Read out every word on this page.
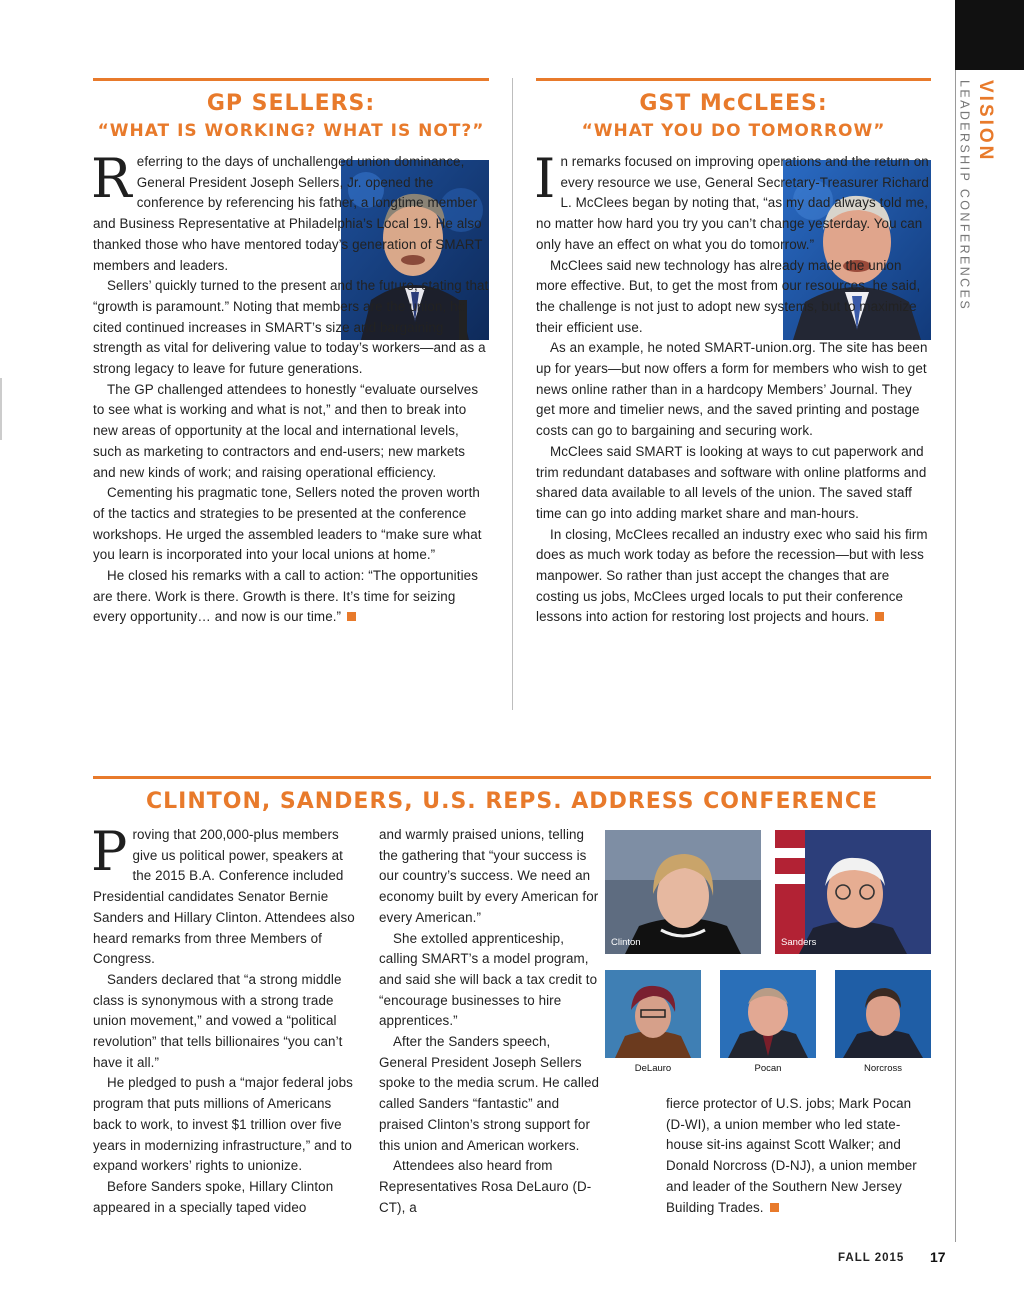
VISION
LEADERSHIP CONFERENCES
GP SELLERS:
“WHAT IS WORKING? WHAT IS NOT?”

Referring to the days of unchallenged union dominance, General President Joseph Sellers, Jr. opened the conference by referencing his father, a longtime member and Business Representative at Philadelphia’s Local 19. He also thanked those who have mentored today’s generation of SMART members and leaders.

Sellers’ quickly turned to the present and the future, stating that “growth is paramount.” Noting that members are the union, he cited continued increases in SMART’s size and bargaining strength as vital for delivering value to today’s workers—and as a strong legacy to leave for future generations.

The GP challenged attendees to honestly “evaluate ourselves to see what is working and what is not,” and then to break into new areas of opportunity at the local and international levels, such as marketing to contractors and end-users; new markets and new kinds of work; and raising operational efficiency.

Cementing his pragmatic tone, Sellers noted the proven worth of the tactics and strategies to be presented at the conference workshops. He urged the assembled leaders to “make sure what you learn is incorporated into your local unions at home.”

He closed his remarks with a call to action: “The opportunities are there. Work is there. Growth is there. It’s time for seizing every opportunity… and now is our time.”

GST McCLEES:
“WHAT YOU DO TOMORROW”

In remarks focused on improving operations and the return on every resource we use, General Secretary-Treasurer Richard L. McClees began by noting that, “as my dad always told me, no matter how hard you try you can’t change yesterday. You can only have an effect on what you do tomorrow.”

McClees said new technology has already made the union more effective. But, to get the most from our resources, he said, the challenge is not just to adopt new systems, but to maximize their efficient use.

As an example, he noted SMART-union.org. The site has been up for years—but now offers a form for members who wish to get news online rather than in a hardcopy Members’ Journal. They get more and timelier news, and the saved printing and postage costs can go to bargaining and securing work.

McClees said SMART is looking at ways to cut paperwork and trim redundant databases and software with online platforms and shared data available to all levels of the union. The saved staff time can go into adding market share and man-hours.

In closing, McClees recalled an industry exec who said his firm does as much work today as before the recession—but with less manpower. So rather than just accept the changes that are costing us jobs, McClees urged locals to put their conference lessons into action for restoring lost projects and hours.

CLINTON, SANDERS, U.S. REPS. ADDRESS CONFERENCE

Proving that 200,000-plus members give us political power, speakers at the 2015 B.A. Conference included Presidential candidates Senator Bernie Sanders and Hillary Clinton. Attendees also heard remarks from three Members of Congress.

Sanders declared that “a strong middle class is synonymous with a strong trade union movement,” and vowed a “political revolution” that tells billionaires “you can’t have it all.”

He pledged to push a “major federal jobs program that puts millions of Americans back to work, to invest $1 trillion over five years in modernizing infrastructure,” and to expand workers’ rights to unionize.

Before Sanders spoke, Hillary Clinton appeared in a specially taped video

and warmly praised unions, telling the gathering that “your success is our country’s success. We need an economy built by every American for every American.”

She extolled apprenticeship, calling SMART’s a model program, and said she will back a tax credit to “encourage businesses to hire apprentices.”

After the Sanders speech, General President Joseph Sellers spoke to the media scrum. He called called Sanders “fantastic” and praised Clinton’s strong support for this union and American workers.

Attendees also heard from Representatives Rosa DeLauro (D-CT), a

fierce protector of U.S. jobs; Mark Pocan (D-WI), a union member who led state-house sit-ins against Scott Walker; and Donald Norcross (D-NJ), a union member and leader of the Southern New Jersey Building Trades.

Clinton	Sanders
DeLauro	Pocan	Norcross
FALL 2015 17
